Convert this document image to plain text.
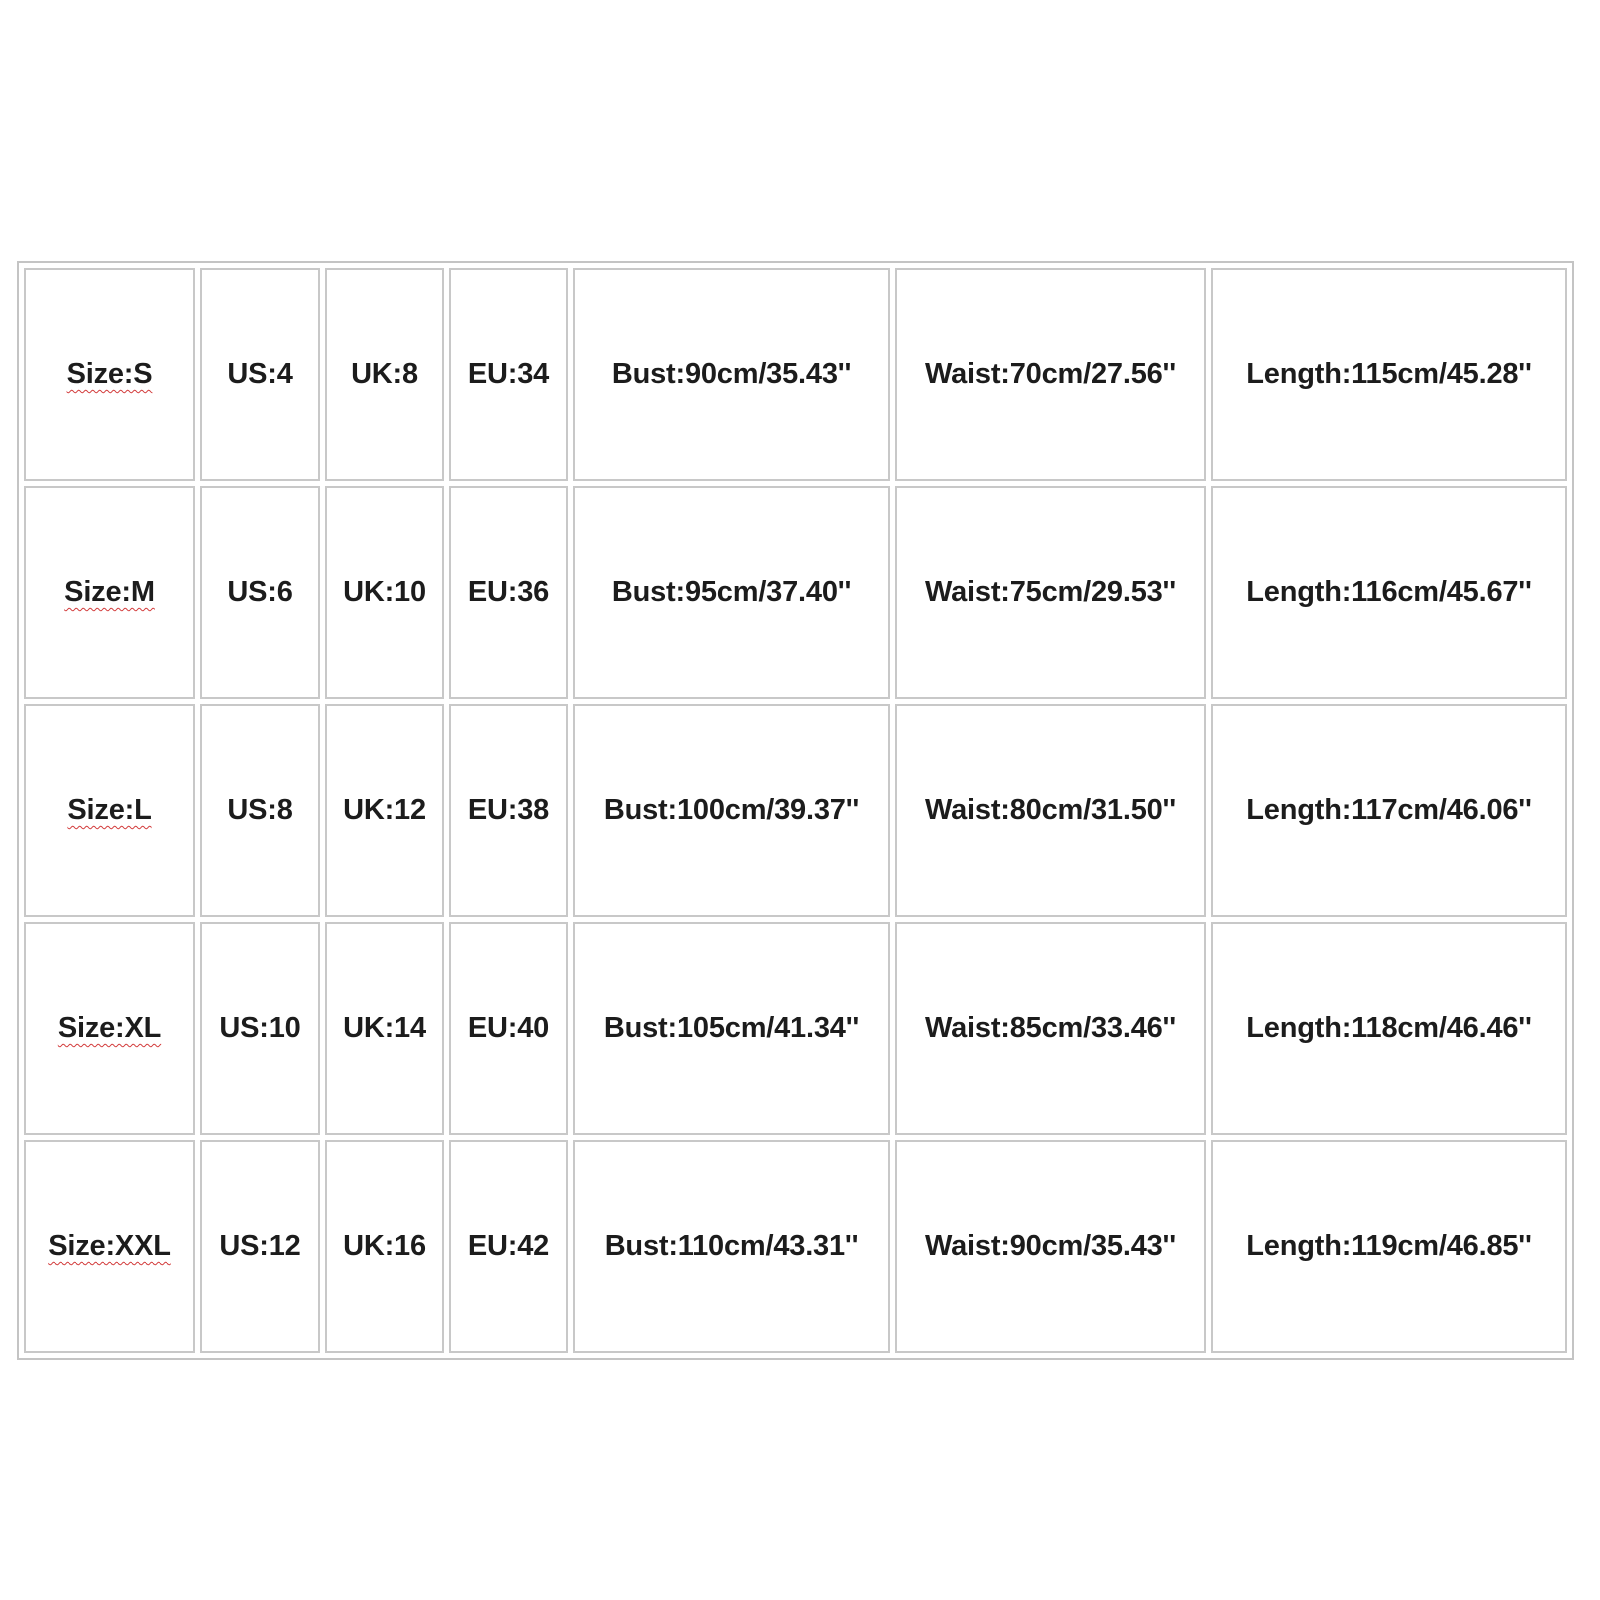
Size:S	US:4	UK:8	EU:34	Bust:90cm/35.43''	Waist:70cm/27.56''	Length:115cm/45.28''
Size:M	US:6	UK:10	EU:36	Bust:95cm/37.40''	Waist:75cm/29.53''	Length:116cm/45.67''
Size:L	US:8	UK:12	EU:38	Bust:100cm/39.37''	Waist:80cm/31.50''	Length:117cm/46.06''
Size:XL	US:10	UK:14	EU:40	Bust:105cm/41.34''	Waist:85cm/33.46''	Length:118cm/46.46''
Size:XXL	US:12	UK:16	EU:42	Bust:110cm/43.31''	Waist:90cm/35.43''	Length:119cm/46.85''
